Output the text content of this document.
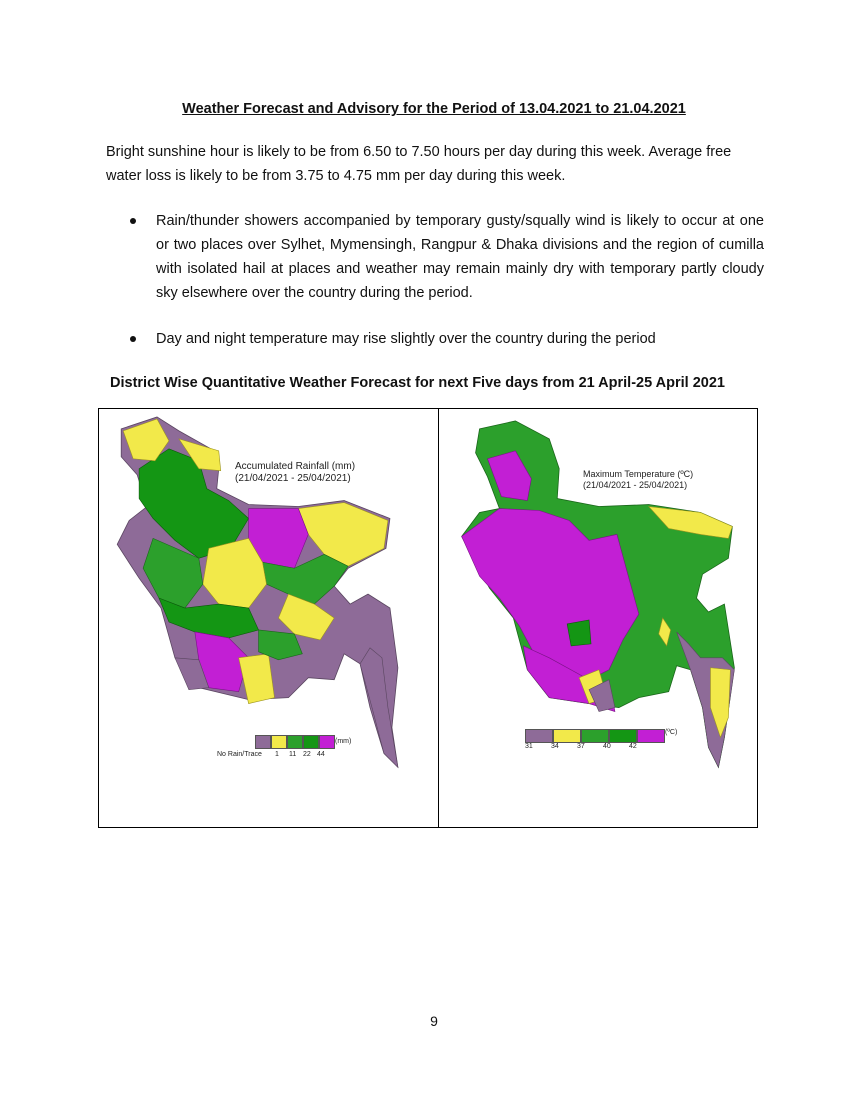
Weather Forecast and Advisory for the Period of 13.04.2021 to 21.04.2021

Bright sunshine hour is likely to be from 6.50 to 7.50 hours per day during this week. Average free water loss is likely to be from 3.75 to 4.75 mm per day during this week.

Rain/thunder showers accompanied by temporary gusty/squally wind is likely to occur at one or two places over Sylhet, Mymensingh, Rangpur & Dhaka divisions and the region of cumilla with isolated hail at places and weather may remain mainly dry with temporary partly cloudy sky elsewhere over the country during the period.
Day and night temperature may rise slightly over the country during the period
District Wise Quantitative Weather Forecast for next Five days from 21 April-25 April 2021
Accumulated Rainfall (mm)
(21/04/2021 - 25/04/2021)
(mm)
No Rain/Trace	1	11 22 44
Maximum Temperature (ºC)
(21/04/2021 - 25/04/2021)
(ºC)
31	34	37	40	42
9
